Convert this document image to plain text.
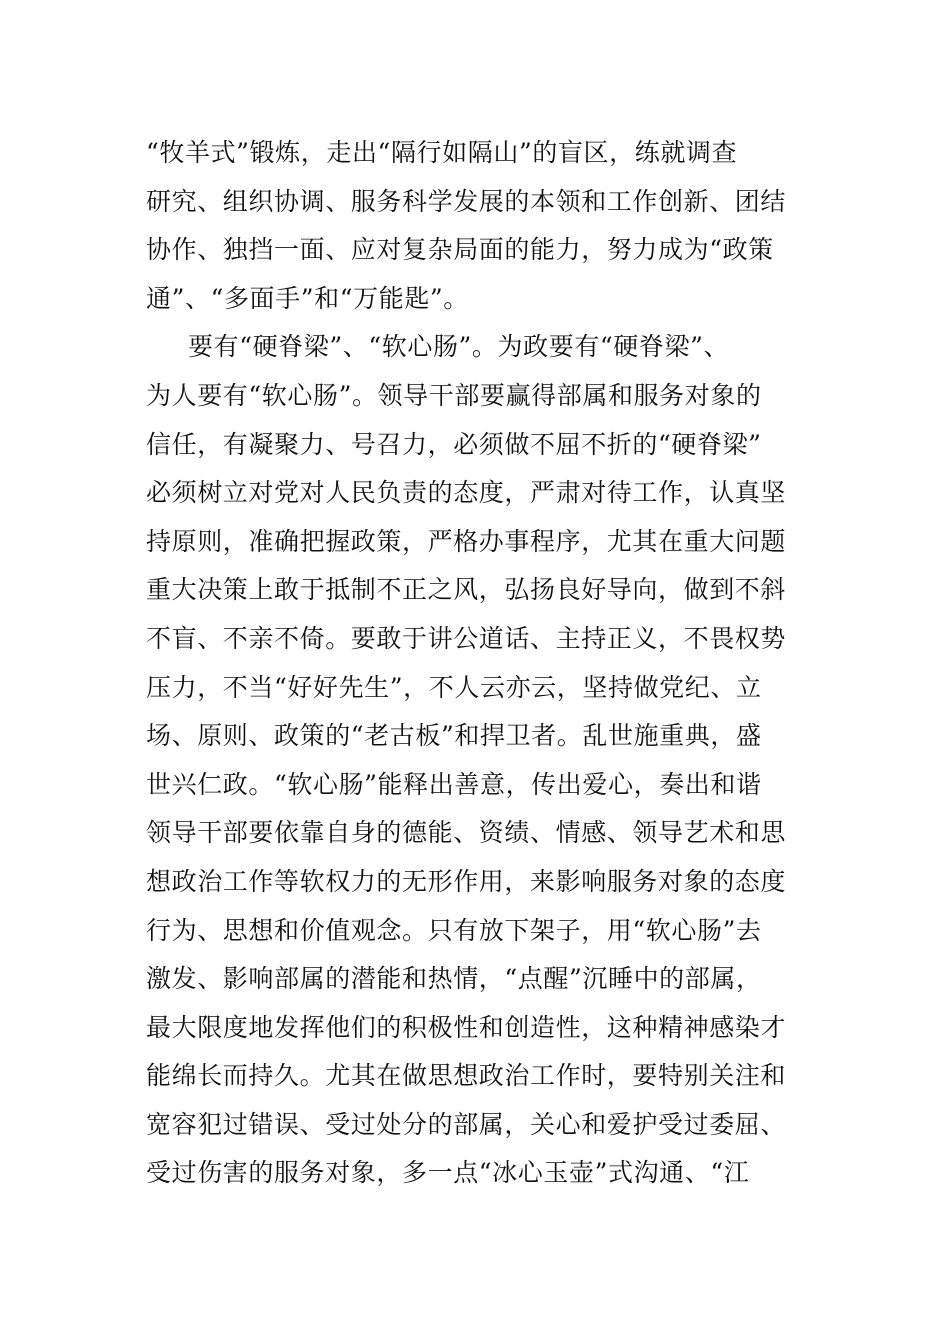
“牧羊式”锻炼，走出“隔行如隔山”的盲区，练就调查
研究、组织协调、服务科学发展的本领和工作创新、团结
协作、独挡一面、应对复杂局面的能力，努力成为“政策
通”、“多面手”和“万能匙”。
要有“硬脊梁”、“软心肠”。为政要有“硬脊梁”、
为人要有“软心肠”。领导干部要赢得部属和服务对象的
信任，有凝聚力、号召力，必须做不屈不折的“硬脊梁”
必须树立对党对人民负责的态度，严肃对待工作，认真坚
持原则，准确把握政策，严格办事程序，尤其在重大问题
重大决策上敢于抵制不正之风，弘扬良好导向，做到不斜
不盲、不亲不倚。要敢于讲公道话、主持正义，不畏权势
压力，不当“好好先生”，不人云亦云，坚持做党纪、立
场、原则、政策的“老古板”和捍卫者。乱世施重典，盛
世兴仁政。“软心肠”能释出善意，传出爱心，奏出和谐
领导干部要依靠自身的德能、资绩、情感、领导艺术和思
想政治工作等软权力的无形作用，来影响服务对象的态度
行为、思想和价值观念。只有放下架子，用“软心肠”去
激发、影响部属的潜能和热情，“点醒”沉睡中的部属，
最大限度地发挥他们的积极性和创造性，这种精神感染才
能绵长而持久。尤其在做思想政治工作时，要特别关注和
宽容犯过错误、受过处分的部属，关心和爱护受过委屈、
受过伤害的服务对象，多一点“冰心玉壶”式沟通、“江
